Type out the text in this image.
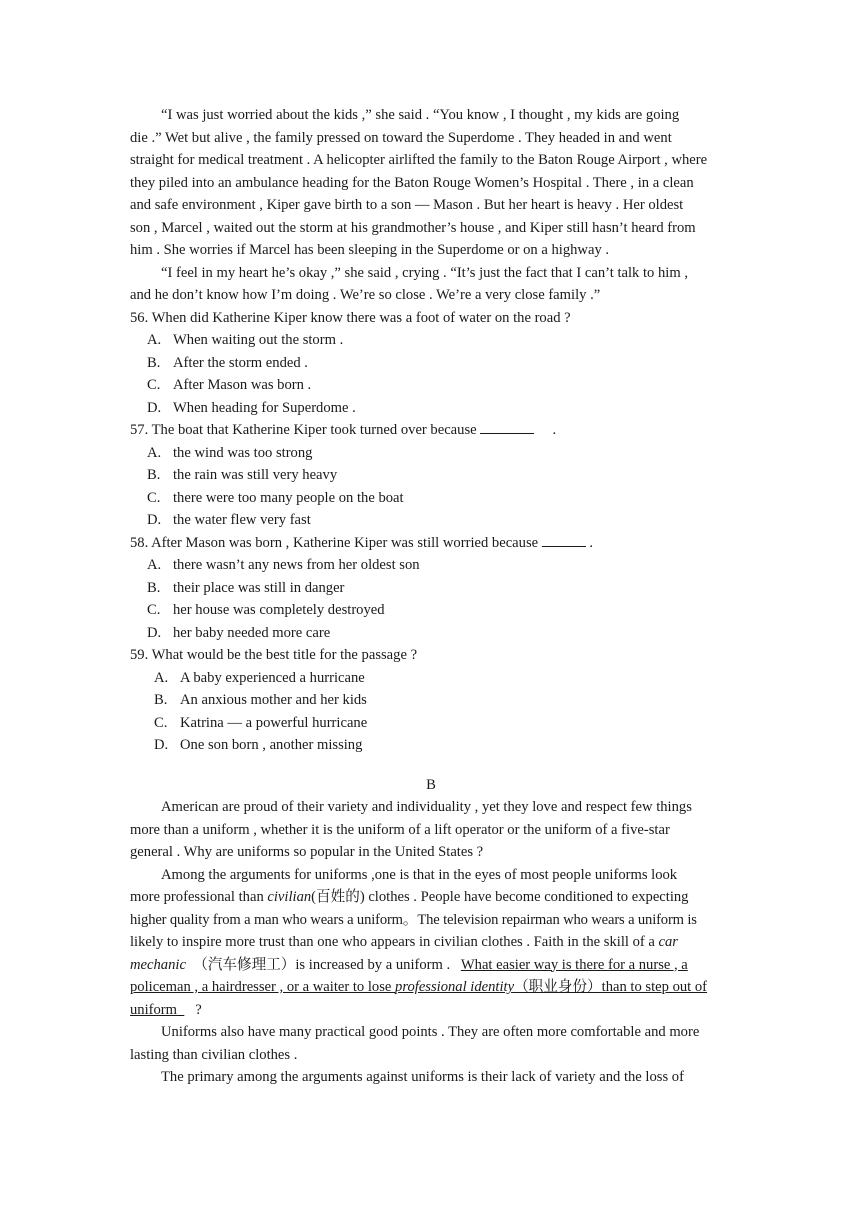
“I was just worried about the kids ,” she said . “You know , I thought , my kids are going
die .” Wet but alive , the family pressed on toward the Superdome . They headed in and went
straight for medical treatment . A helicopter airlifted the family to the Baton Rouge Airport , where
they piled into an ambulance heading for the Baton Rouge Women’s Hospital . There , in a clean
and safe environment , Kiper gave birth to a son — Mason . But her heart is heavy . Her oldest
son , Marcel , waited out the storm at his grandmother’s house , and Kiper still hasn’t heard from
him . She worries if Marcel has been sleeping in the Superdome or on a highway .
“I feel in my heart he’s okay ,” she said , crying . “It’s just the fact that I can’t talk to him ,
and he don’t know how I’m doing . We’re so close . We’re a very close family .”
56. When did Katherine Kiper know there was a foot of water on the road ?
A. When waiting out the storm .
B. After the storm ended .
C. After Mason was born .
D. When heading for Superdome .
57. The boat that Katherine Kiper took turned over because	.
A. the wind was too strong
B. the rain was still very heavy
C. there were too many people on the boat
D. the water flew very fast
58. After Mason was born , Katherine Kiper was still worried because	.
A. there wasn’t any news from her oldest son
B. their place was still in danger
C. her house was completely destroyed
D. her baby needed more care
59. What would be the best title for the passage ?
A. A baby experienced a hurricane
B. An anxious mother and her kids
C. Katrina — a powerful hurricane
D. One son born , another missing
B
American are proud of their variety and individuality , yet they love and respect few things
more than a uniform , whether it is the uniform of a lift operator or the uniform of a five-star
general . Why are uniforms so popular in the United States ?
Among the arguments for uniforms ,one is that in the eyes of most people uniforms look
more professional than civilian(百姓的) clothes . People have become conditioned to expecting
higher quality from a man who wears a uniform。The television repairman who wears a uniform is
likely to inspire more trust than one who appears in civilian clothes . Faith in the skill of a car
mechanic  （汽车修理工）is increased by a uniform .   What easier way is there for a nurse , a
policeman , a hairdresser , or a waiter to lose professional identity（职业身份）than to step out of
uniform ?
Uniforms also have many practical good points . They are often more comfortable and more
lasting than civilian clothes .
The primary among the arguments against uniforms is their lack of variety and the loss of
